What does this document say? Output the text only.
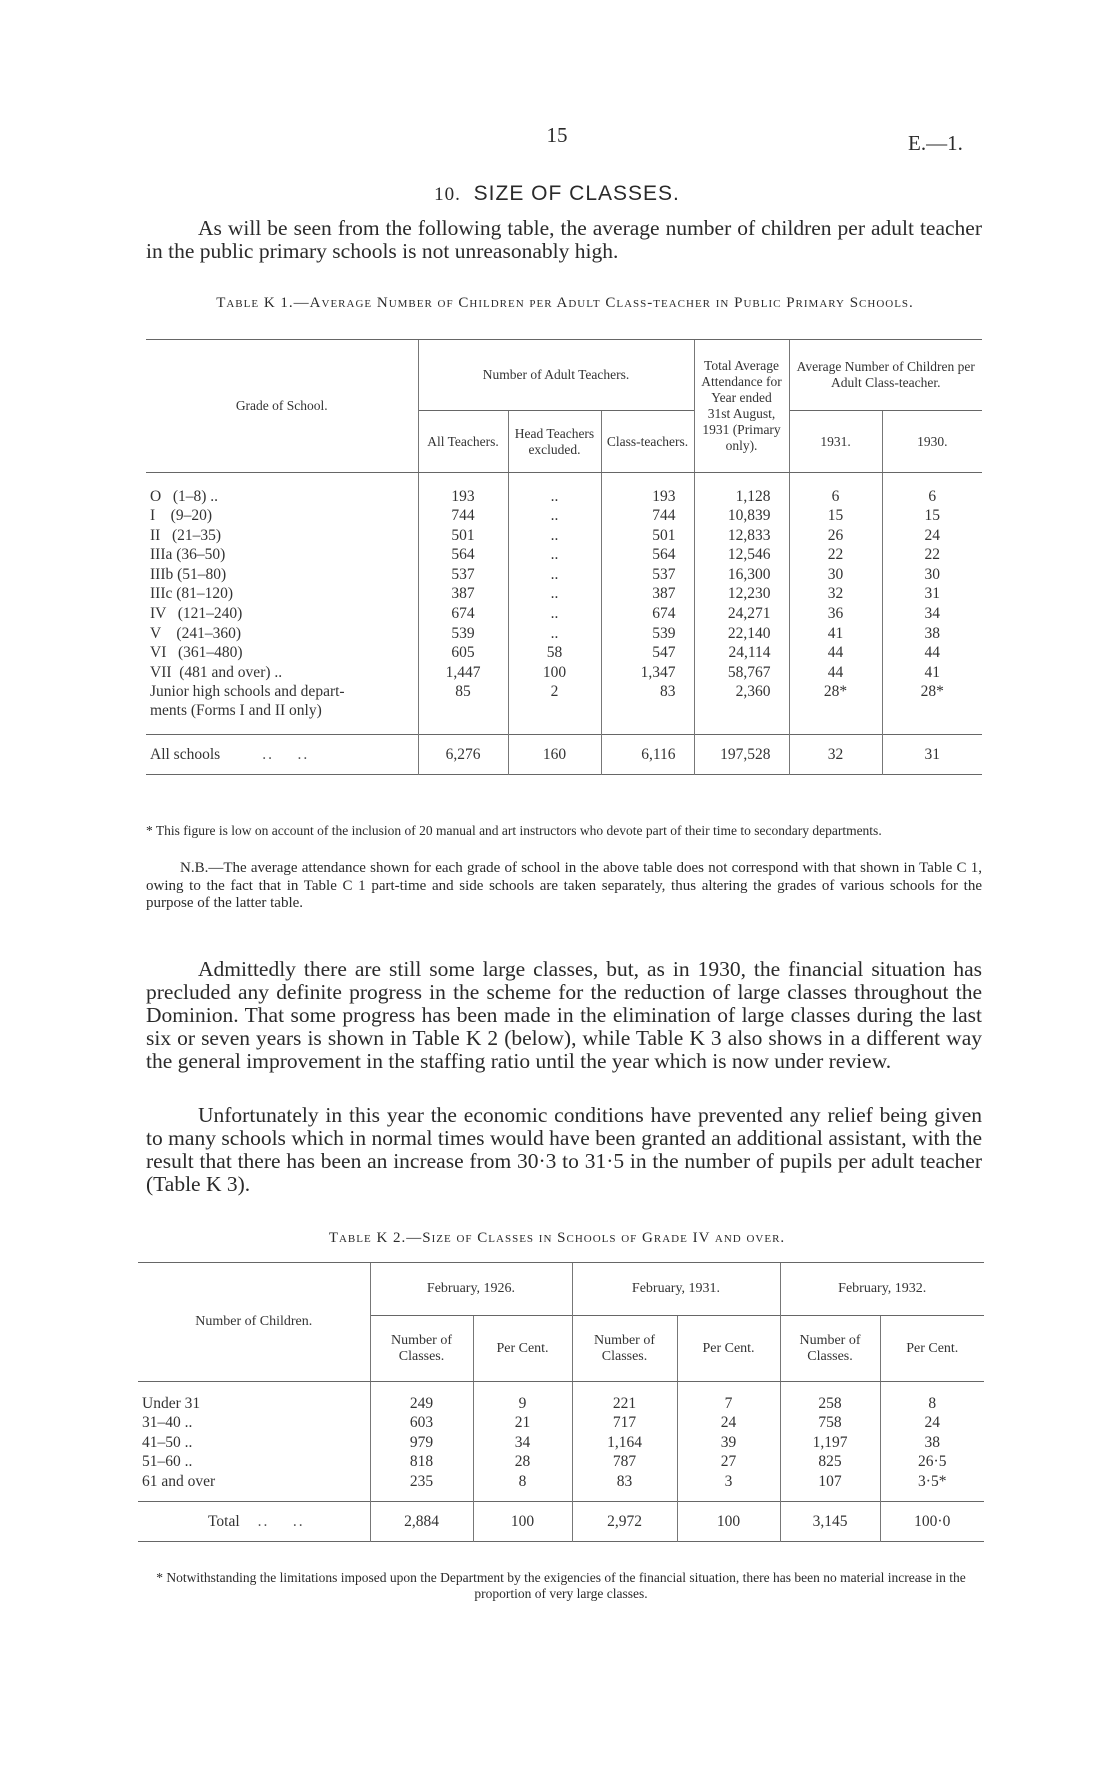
15	E.—1.
10. SIZE OF CLASSES.
As will be seen from the following table, the average number of children per adult teacher in the public primary schools is not unreasonably high.
Table K 1.—Average Number of Children per Adult Class-teacher in Public Primary Schools.
Grade of School.	Number of Adult Teachers.			Total Average Attendance for Year ended 31st August, 1931 (Primary only).	Average Number of Children per Adult Class-teacher.	
	All Teachers.	Head Teachers excluded.	Class-teachers.		1931.	1930.

O   (1–8) ..	193	..	193	1,128	6	6
I    (9–20)	744	..	744	10,839	15	15
II   (21–35)	501	..	501	12,833	26	24
IIIa (36–50)	564	..	564	12,546	22	22
IIIb (51–80)	537	..	537	16,300	30	30
IIIc (81–120)	387	..	387	12,230	32	31
IV   (121–240)	674	..	674	24,271	36	34
V    (241–360)	539	..	539	22,140	41	38
VI   (361–480)	605	58	547	24,114	44	44
VII  (481 and over) ..	1,447	100	1,347	58,767	44	41
Junior high schools and depart-
ments (Forms I and II only)	85	2	83	2,360	28*	28*

All schools ..    ..	6,276	160	6,116	197,528	32	31
* This figure is low on account of the inclusion of 20 manual and art instructors who devote part of their time to secondary departments.
N.B.—The average attendance shown for each grade of school in the above table does not correspond with that shown in Table C 1, owing to the fact that in Table C 1 part-time and side schools are taken separately, thus altering the grades of various schools for the purpose of the latter table.
Admittedly there are still some large classes, but, as in 1930, the financial situation has precluded any definite progress in the scheme for the reduction of large classes throughout the Dominion. That some progress has been made in the elimination of large classes during the last six or seven years is shown in Table K 2 (below), while Table K 3 also shows in a different way the general improvement in the staffing ratio until the year which is now under review.
Unfortunately in this year the economic conditions have prevented any relief being given to many schools which in normal times would have been granted an additional assistant, with the result that there has been an increase from 30·3 to 31·5 in the number of pupils per adult teacher (Table K 3).
Table K 2.—Size of Classes in Schools of Grade IV and over.
Number of Children.	February, 1926.		February, 1931.		February, 1932.	
	Number of Classes.	Per Cent.	Number of Classes.	Per Cent.	Number of Classes.	Per Cent.

Under 31	249	9	221	7	258	8
31–40 ..	603	21	717	24	758	24
41–50 ..	979	34	1,164	39	1,197	38
51–60 ..	818	28	787	27	825	26·5
61 and over	235	8	83	3	107	3·5*

Total ..    ..	2,884	100	2,972	100	3,145	100·0
* Notwithstanding the limitations imposed upon the Department by the exigencies of the financial situation, there has been no material increase in the proportion of very large classes.
